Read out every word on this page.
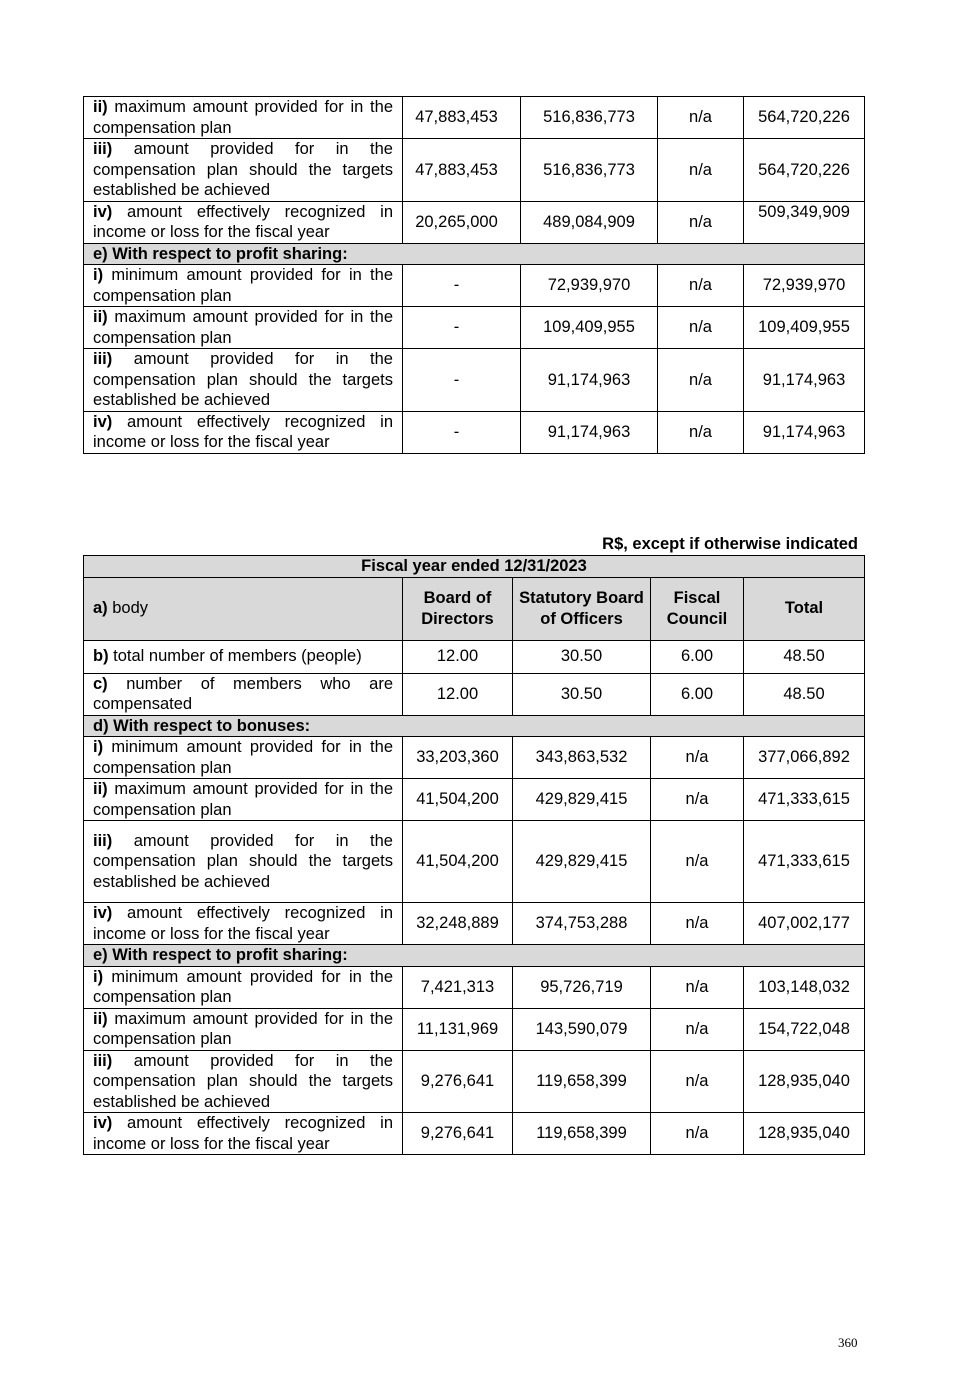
ii) maximum amount provided for in the compensation plan	47,883,453	516,836,773	n/a	564,720,226
iii) amount provided for in the compensation plan should the targets established be achieved	47,883,453	516,836,773	n/a	564,720,226
iv) amount effectively recognized in income or loss for the fiscal year	20,265,000	489,084,909	n/a	509,349,909
e) With respect to profit sharing:				
i) minimum amount provided for in the compensation plan	-	72,939,970	n/a	72,939,970
ii) maximum amount provided for in the compensation plan	-	109,409,955	n/a	109,409,955
iii) amount provided for in the compensation plan should the targets established be achieved	-	91,174,963	n/a	91,174,963
iv) amount effectively recognized in income or loss for the fiscal year	-	91,174,963	n/a	91,174,963
R$, except if otherwise indicated
Fiscal year ended 12/31/2023				
a) body	Board of Directors	Statutory Board of Officers	Fiscal Council	Total
b) total number of members (people)	12.00	30.50	6.00	48.50
c) number of members who are compensated	12.00	30.50	6.00	48.50
d) With respect to bonuses:				
i) minimum amount provided for in the compensation plan	33,203,360	343,863,532	n/a	377,066,892
ii) maximum amount provided for in the compensation plan	41,504,200	429,829,415	n/a	471,333,615
iii) amount provided for in the compensation plan should the targets established be achieved	41,504,200	429,829,415	n/a	471,333,615
iv) amount effectively recognized in income or loss for the fiscal year	32,248,889	374,753,288	n/a	407,002,177
e) With respect to profit sharing:				
i) minimum amount provided for in the compensation plan	7,421,313	95,726,719	n/a	103,148,032
ii) maximum amount provided for in the compensation plan	11,131,969	143,590,079	n/a	154,722,048
iii) amount provided for in the compensation plan should the targets established be achieved	9,276,641	119,658,399	n/a	128,935,040
iv) amount effectively recognized in income or loss for the fiscal year	9,276,641	119,658,399	n/a	128,935,040
360
